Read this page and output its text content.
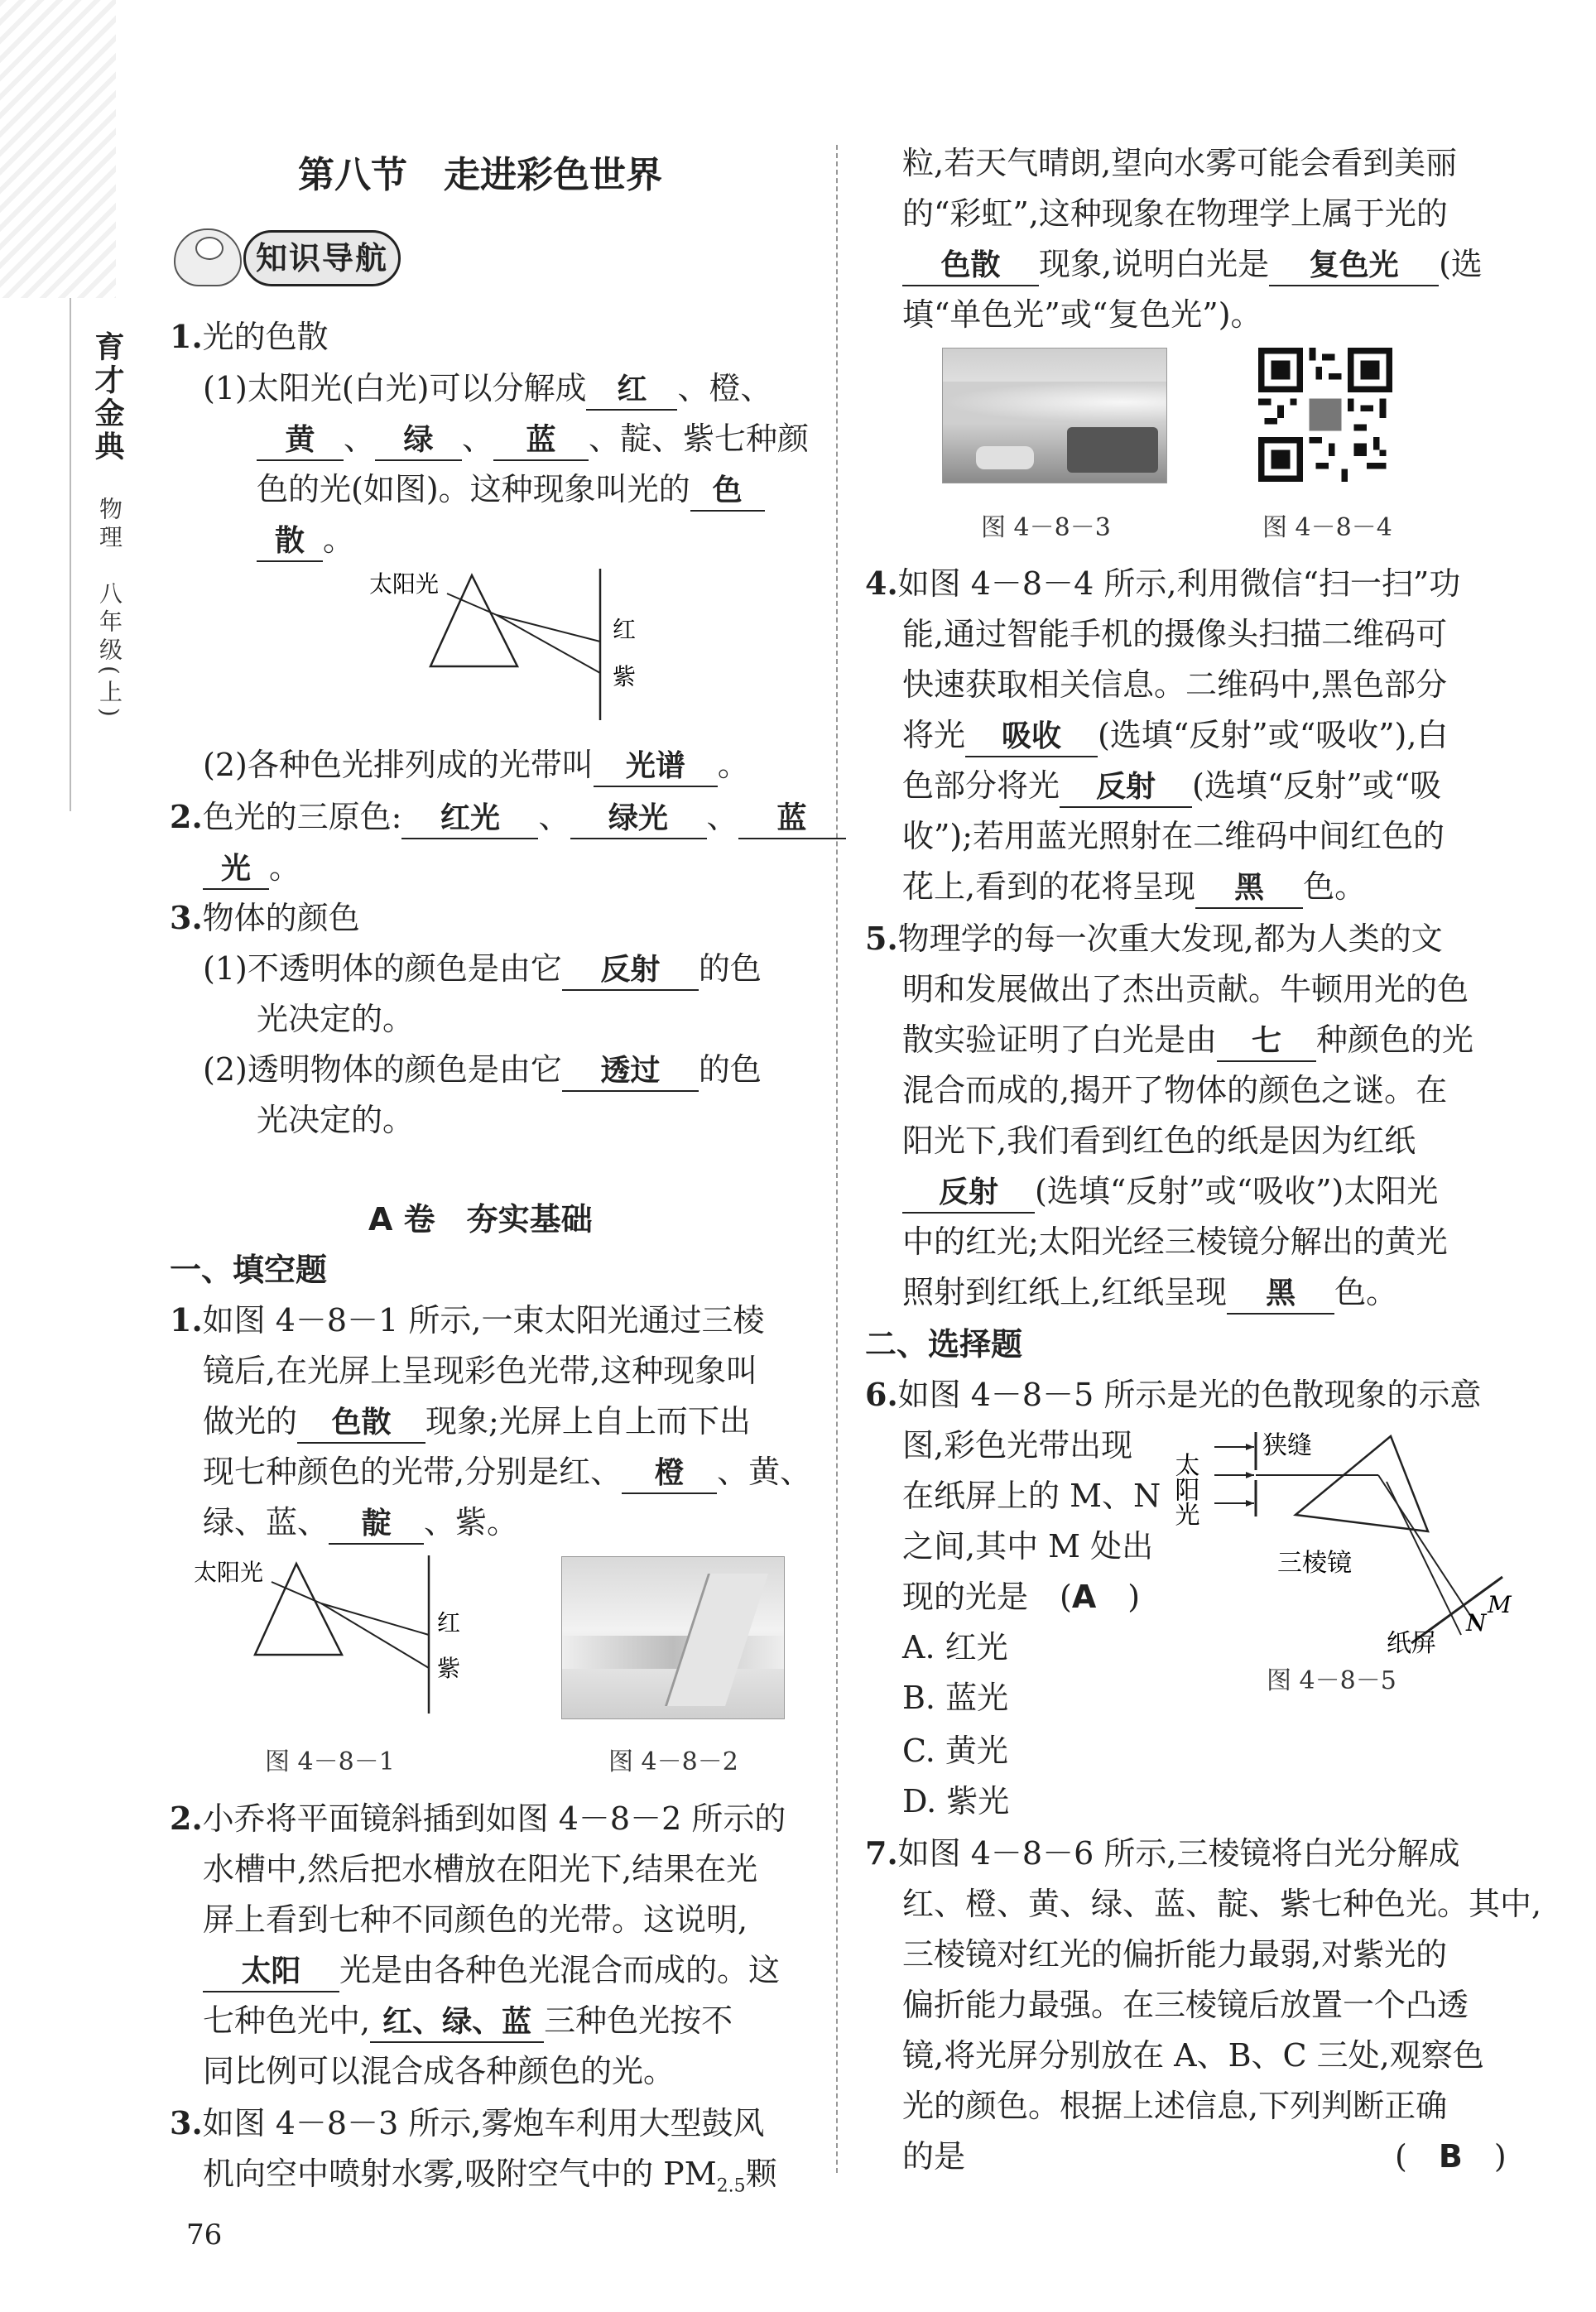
育才金典
物理　八年级(上)
第八节　走进彩色世界
知识导航
1.光的色散
(1)太阳光(白光)可以分解成 红 、橙、
黄 、 绿 、 蓝 、靛、紫七种颜
色的光(如图)。这种现象叫光的 色
散 。
太阳光
红
紫
(2)各种色光排列成的光带叫 光谱 。
2.色光的三原色: 红光 、 绿光 、 蓝
光 。
3.物体的颜色
(1)不透明体的颜色是由它 反射 的色
光决定的。
(2)透明物体的颜色是由它 透过 的色
光决定的。
A 卷　夯实基础
一、填空题
1.如图 4－8－1 所示,一束太阳光通过三棱
镜后,在光屏上呈现彩色光带,这种现象叫
做光的 色散 现象;光屏上自上而下出
现七种颜色的光带,分别是红、 橙 、黄、
绿、蓝、 靛 、紫。
太阳光
红
紫
图 4－8－1	图 4－8－2
2.小乔将平面镜斜插到如图 4－8－2 所示的
水槽中,然后把水槽放在阳光下,结果在光
屏上看到七种不同颜色的光带。这说明,
太阳 光是由各种色光混合而成的。这
七种色光中, 红、绿、蓝 三种色光按不
同比例可以混合成各种颜色的光。
3.如图 4－8－3 所示,雾炮车利用大型鼓风
机向空中喷射水雾,吸附空气中的 $PM_{2.5}$颗
76
粒,若天气晴朗,望向水雾可能会看到美丽
的“彩虹”,这种现象在物理学上属于光的
色散 现象,说明白光是 复色光 (选
填“单色光”或“复色光”)。
图 4－8－3	图 4－8－4
4.如图 4－8－4 所示,利用微信“扫一扫”功
能,通过智能手机的摄像头扫描二维码可
快速获取相关信息。二维码中,黑色部分
将光 吸收 (选填“反射”或“吸收”),白
色部分将光 反射 (选填“反射”或“吸
收”);若用蓝光照射在二维码中间红色的
花上,看到的花将呈现 黑 色。
5.物理学的每一次重大发现,都为人类的文
明和发展做出了杰出贡献。牛顿用光的色
散实验证明了白光是由 七 种颜色的光
混合而成的,揭开了物体的颜色之谜。在
阳光下,我们看到红色的纸是因为红纸
反射 (选填“反射”或“吸收”)太阳光
中的红光;太阳光经三棱镜分解出的黄光
照射到红纸上,红纸呈现 黑 色。
二、选择题
6.如图 4－8－5 所示是光的色散现象的示意
图,彩色光带出现
在纸屏上的 M、N
之间,其中 M 处出
现的光是　(A　 )
A. 红光
B. 蓝光
C. 黄光
D. 紫光
太阳光
狭缝
三棱镜
M
N
纸屏
图 4－8－5
7.如图 4－8－6 所示,三棱镜将白光分解成
红、橙、黄、绿、蓝、靛、紫七种色光。其中,
三棱镜对红光的偏折能力最弱,对紫光的
偏折能力最强。在三棱镜后放置一个凸透
镜,将光屏分别放在 A、B、C 三处,观察色
光的颜色。根据上述信息,下列判断正确
的是	(　 B　 )
